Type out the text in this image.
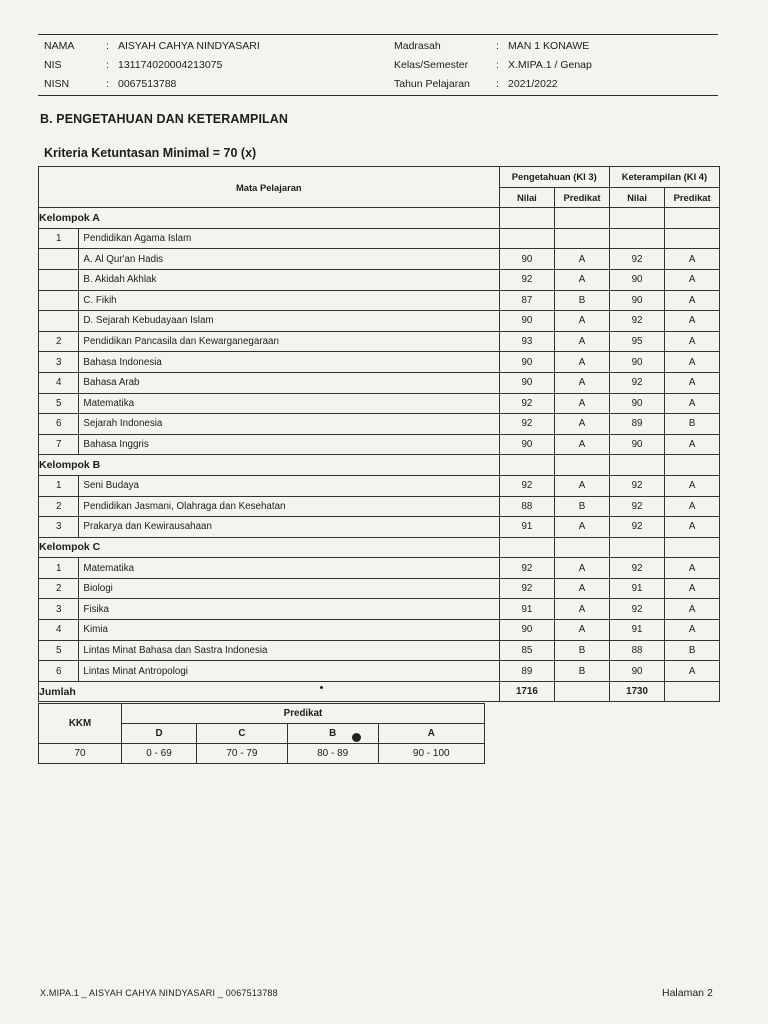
NAMA	: AISYAH CAHYA NINDYASARI
NIS	: 131174020004213075
NISN	: 0067513788
Madrasah	: MAN 1 KONAWE
Kelas/Semester	: X.MIPA.1 / Genap
Tahun Pelajaran : 2021/2022
B. PENGETAHUAN DAN KETERAMPILAN
Kriteria Ketuntasan Minimal = 70 (x)
Mata Pelajaran		Pengetahuan (KI 3)		Keterampilan (KI 4)	
		Nilai	Predikat	Nilai	Predikat
Kelompok A					
1	Pendidikan Agama Islam				
	A. Al Qur'an Hadis	90	A	92	A
	B. Akidah Akhlak	92	A	90	A
	C. Fikih	87	B	90	A
	D. Sejarah Kebudayaan Islam	90	A	92	A
2	Pendidikan Pancasila dan Kewarganegaraan	93	A	95	A
3	Bahasa Indonesia	90	A	90	A
4	Bahasa Arab	90	A	92	A
5	Matematika	92	A	90	A
6	Sejarah Indonesia	92	A	89	B
7	Bahasa Inggris	90	A	90	A
Kelompok B					
1	Seni Budaya	92	A	92	A
2	Pendidikan Jasmani, Olahraga dan Kesehatan	88	B	92	A
3	Prakarya dan Kewirausahaan	91	A	92	A
Kelompok C					
1	Matematika	92	A	92	A
2	Biologi	92	A	91	A
3	Fisika	91	A	92	A
4	Kimia	90	A	91	A
5	Lintas Minat Bahasa dan Sastra Indonesia	85	B	88	B
6	Lintas Minat Antropologi	89	B	90	A
Jumlah		1716		1730	
KKM	Predikat			
	D	C	B	A
70	0 - 69	70 - 79	80 - 89	90 - 100
X.MIPA.1 _ AISYAH CAHYA NINDYASARI _ 0067513788	Halaman 2
